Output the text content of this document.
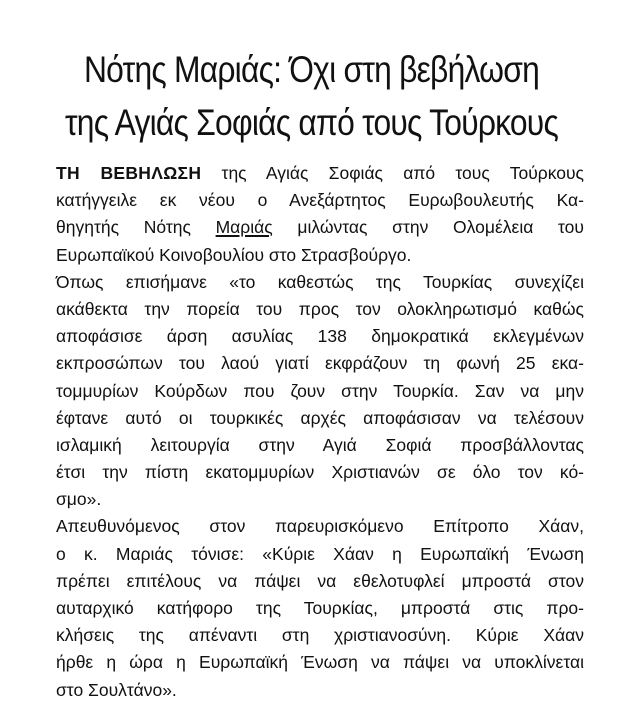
Νότης Μαριάς: Όχι στη βεβήλωση
της Αγιάς Σοφιάς από τους Τούρκους
ΤΗ ΒΕΒΗΛΩΣΗ της Αγιάς Σοφιάς από τους Τούρκους
κατήγγειλε εκ νέου ο Ανεξάρτητος Ευρωβουλευτής Κα-
θηγητής Νότης Μαριάς μιλώντας στην Ολομέλεια του
Ευρωπαϊκού Κοινοβουλίου στο Στρασβούργο.
Όπως επισήμανε «το καθεστώς της Τουρκίας συνεχίζει
ακάθεκτα την πορεία του προς τον ολοκληρωτισμό καθώς
αποφάσισε άρση ασυλίας 138 δημοκρατικά εκλεγμένων
εκπροσώπων του λαού γιατί εκφράζουν τη φωνή 25 εκα-
τομμυρίων Κούρδων που ζουν στην Τουρκία. Σαν να μην
έφτανε αυτό οι τουρκικές αρχές αποφάσισαν να τελέσουν
ισλαμική λειτουργία στην Αγιά Σοφιά προσβάλλοντας
έτσι την πίστη εκατομμυρίων Χριστιανών σε όλο τον κό-
σμο».
Απευθυνόμενος στον παρευρισκόμενο Επίτροπο Χάαν,
ο κ. Μαριάς τόνισε: «Κύριε Χάαν η Ευρωπαϊκή Ένωση
πρέπει επιτέλους να πάψει να εθελοτυφλεί μπροστά στον
αυταρχικό κατήφορο της Τουρκίας, μπροστά στις προ-
κλήσεις της απέναντι στη χριστιανοσύνη. Κύριε Χάαν
ήρθε η ώρα η Ευρωπαϊκή Ένωση να πάψει να υποκλίνεται
στο Σουλτάνο».
